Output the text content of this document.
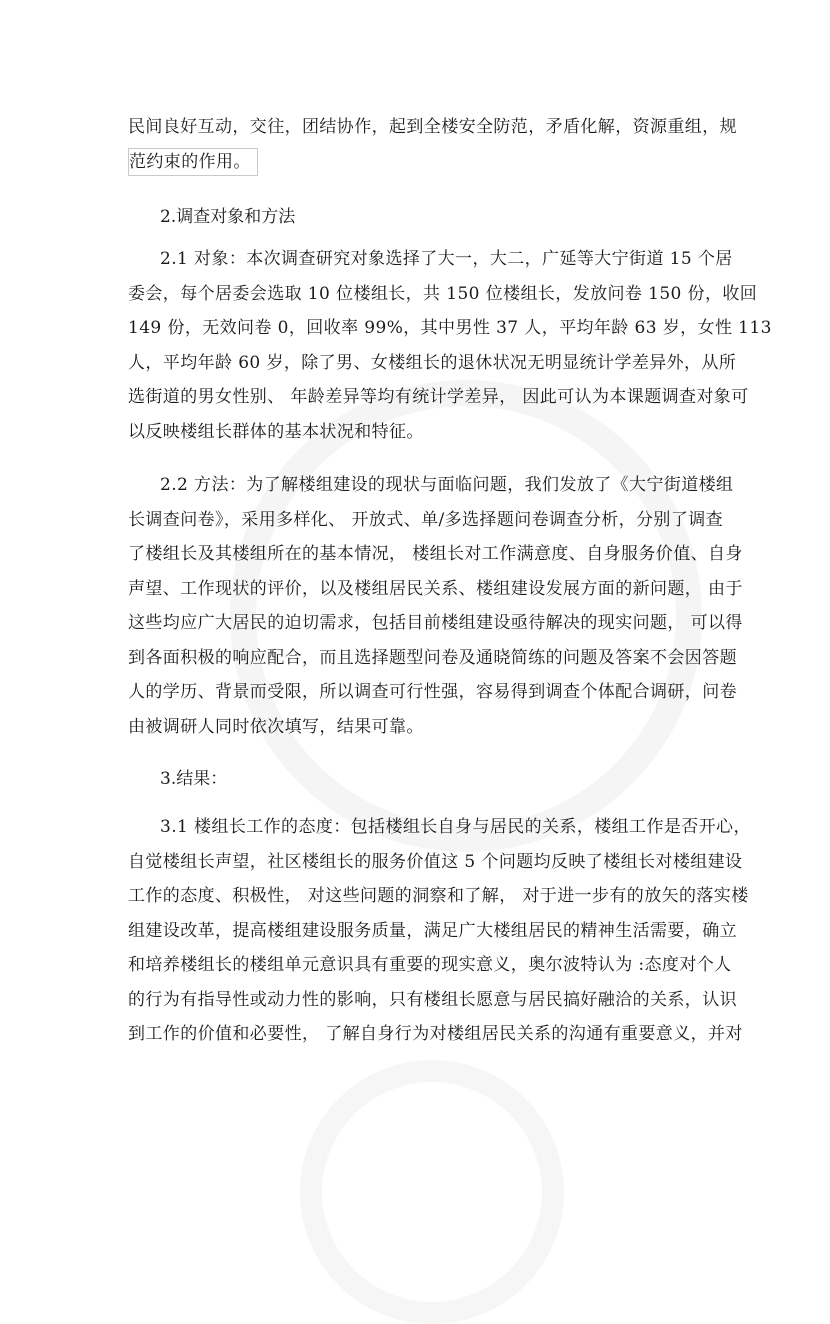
民间良好互动，交往，团结协作，起到全楼安全防范，矛盾化解，资源重组，规
范约束的作用。
2.调查对象和方法
2.1 对象：本次调查研究对象选择了大一，大二，广延等大宁街道 15 个居
委会，每个居委会选取 10 位楼组长，共 150 位楼组长，发放问卷 150 份，收回
149 份，无效问卷 0，回收率 99%，其中男性 37 人，平均年龄 63 岁，女性 113
人，平均年龄 60 岁，除了男、女楼组长的退休状况无明显统计学差异外，从所
选街道的男女性别、 年龄差异等均有统计学差异， 因此可认为本课题调查对象可
以反映楼组长群体的基本状况和特征。
2.2 方法：为了解楼组建设的现状与面临问题，我们发放了《大宁街道楼组
长调查问卷》，采用多样化、 开放式、单/多选择题问卷调查分析，分别了调查
了楼组长及其楼组所在的基本情况， 楼组长对工作满意度、自身服务价值、自身
声望、工作现状的评价，以及楼组居民关系、楼组建设发展方面的新问题， 由于
这些均应广大居民的迫切需求，包括目前楼组建设亟待解决的现实问题， 可以得
到各面积极的响应配合，而且选择题型问卷及通晓简练的问题及答案不会因答题
人的学历、背景而受限，所以调查可行性强，容易得到调查个体配合调研，问卷
由被调研人同时依次填写，结果可靠。
3.结果：
3.1 楼组长工作的态度：包括楼组长自身与居民的关系，楼组工作是否开心，
自觉楼组长声望，社区楼组长的服务价值这 5 个问题均反映了楼组长对楼组建设
工作的态度、积极性， 对这些问题的洞察和了解， 对于进一步有的放矢的落实楼
组建设改革，提高楼组建设服务质量，满足广大楼组居民的精神生活需要，确立
和培养楼组长的楼组单元意识具有重要的现实意义，奥尔波特认为 :态度对个人
的行为有指导性或动力性的影响，只有楼组长愿意与居民搞好融洽的关系，认识
到工作的价值和必要性， 了解自身行为对楼组居民关系的沟通有重要意义，并对
